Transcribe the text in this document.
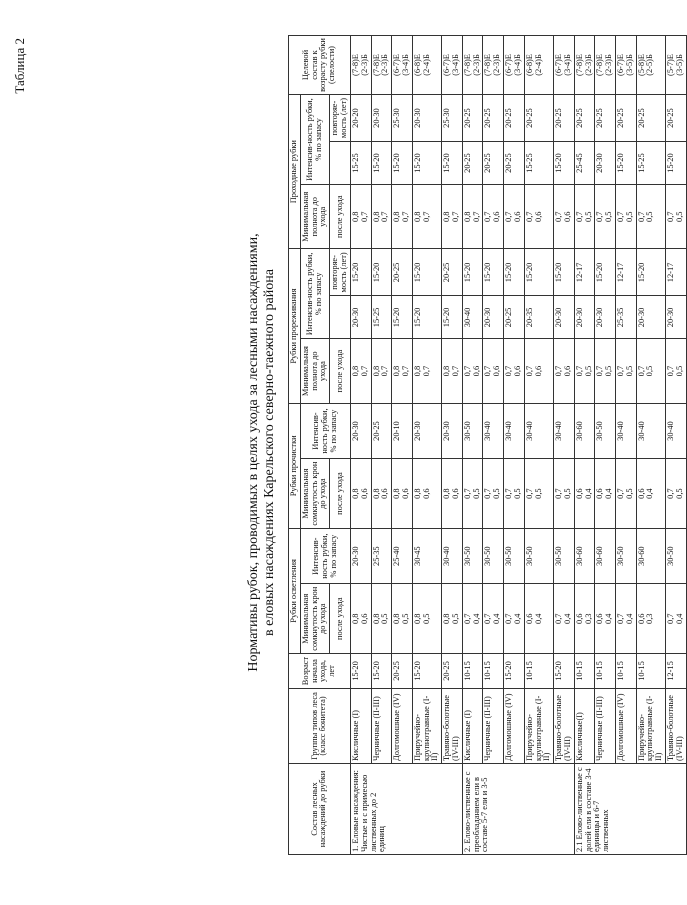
Таблица 2
Нормативы рубок, проводимых в целях ухода за лесными насаждениями, в еловых насаждениях Карельского северно-таежного района
Состав лесных насаждений до рубки	Группы типов леса (класс бонитета)	Возраст начала ухода, лет	Рубки осветления		Рубки прочистки		Рубки прореживания			Проходные рубки			Целевой состав к возрасту рубки (спелости)
			Минимальная сомкнутость крон до ухода	Интенсив-ность рубки, % по запасу	Минимальная сомкнутость крон до ухода	Интенсив-ность рубки, % по запасу	Минимальная полнота до ухода	Интенсив-ность рубки, % по запасу		Минимальная полнота до ухода	Интенсив-ность рубки, % по запасу		
			после ухода		после ухода		после ухода		повторяе-мость (лет)	после ухода		повторяе-мость (лет)	
1. Еловые насаждения: Чистые и с примесью лиственных до 2 единиц	Кисличные (I)	15-20	0,8 0,6	20-30	0,8 0,6	20-30	0,8 0,7	20-30	15-20	0,8 0,7	15-25	20-20	(7-8)Е (2-3)Б

	Черничные (II-III)	15-20	0,8 0,5	25-35	0,8 0,6	20-25	0,8 0,7	15-25	15-20	0,8 0,7	15-20	20-30	(7-8)Е (2-3)Б

	Долгомошные (IV)	20-25	0,8 0,5	25-40	0,8 0,6	20-10	0,8 0,7	15-20	20-25	0,8 0,7	15-20	25-30	(6-7)Е (3-4)Б

	Приручейно-крупнотравные (I-II)	15-20	0,8 0,5	30-45	0,8 0,6	20-30	0,8 0,7	15-20	15-20	0,8 0,7	15-20	20-30	(6-8)Е (2-4)Б

	Травяно-болотные (IV-III)	20-25	0,8 0,5	30-40	0,8 0,6	20-30	0,8 0,7	15-20	20-25	0,8 0,7	15-20	25-30	(6-7)Е (3-4)Б

2. Елово-лиственные с преобладанием ели в составе 5-7 ели и 3-5	Кисличные (I)	10-15	0,7 0,4	30-50	0,7 0,5	30-50	0,7 0,6	30-40	15-20	0,8 0,7	20-25	20-25	(7-8)Е (2-3)Б

	Черничные (II-III)	10-15	0,7 0,4	30-50	0,7 0,5	30-40	0,7 0,6	20-30	15-20	0,7 0,6	20-25	20-25	(7-8)Е (2-3)Б

	Долгомошные (IV)	15-20	0,7 0,4	30-50	0,7 0,5	30-40	0,7 0,6	20-25	15-20	0,7 0,6	20-25	20-25	(6-7)Е (3-4)Б

	Приручейно-крупнотравные (I-II)	10-15	0,6 0,4	30-50	0,7 0,5	30-40	0,7 0,6	20-35	15-20	0,7 0,6	15-25	20-25	(6-8)Е (2-4)Б

	Травяно-болотные (IV-III)	15-20	0,7 0,4	30-50	0,7 0,5	30-40	0,7 0,6	20-30	15-20	0,7 0,6	15-20	20-25	(6-7)Е (3-4)Б

2.1 Елово-лиственные с долей ели в составе 3-4 единицы и 6-7 лиственных	Кисличные(I)	10-15	0,6 0,3	30-60	0,6 0,4	30-60	0,7 0,5	20-30	12-17	0,7 0,5	25-45	20-25	(7-8)Е (2-3)Б

	Черничные (II-III)	10-15	0,6 0,4	30-60	0,6 0,4	30-50	0,7 0,5	20-30	15-20	0,7 0,5	20-30	20-25	(7-8)Е (2-3)Б

	Долгомошные (IV)	10-15	0,7 0,4	30-50	0,7 0,5	30-40	0,7 0,5	25-35	12-17	0,7 0,5	15-20	20-25	(6-7)Е (3-5)Б

	Приручейно-крупнотравные (I-II)	10-15	0,6 0,3	30-60	0,6 0,4	30-40	0,7 0,5	20-30	15-20	0,7 0,5	15-25	20-25	(5-8)Е (2-5)Б

	Травяно-болотные (IV-III)	12-15	0,7 0,4	30-50	0,7 0,5	30-40	0,7 0,5	20-30	12-17	0,7 0,5	15-20	20-25	(5-7)Е (3-5)Б
